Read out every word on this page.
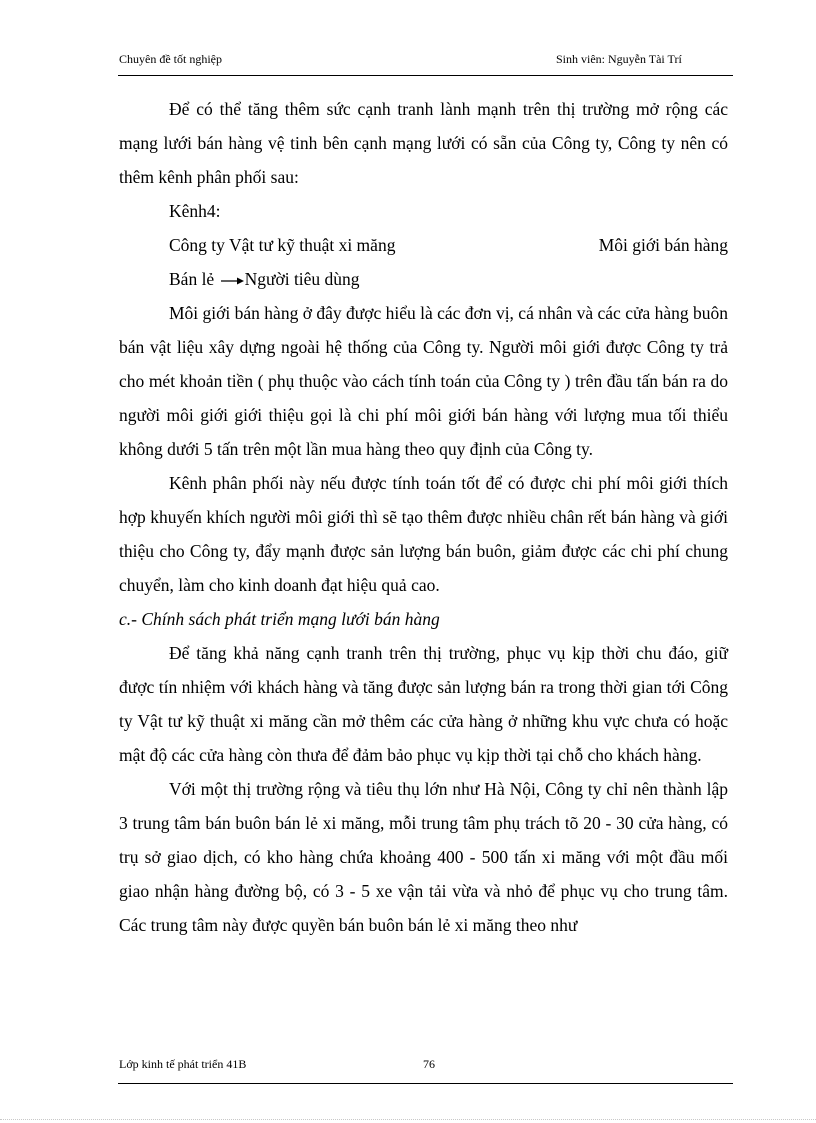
Chuyên đề tốt nghiệp	Sinh viên: Nguyễn Tài Trí

Để có thể tăng thêm sức cạnh tranh lành mạnh trên thị trường mở rộng các mạng lưới bán hàng vệ tinh bên cạnh mạng lưới có sẵn của Công ty, Công ty nên có thêm kênh phân phối sau:

Kênh4:

Công ty Vật tư kỹ thuật xi măng	Môi giới bán hàng

Bán lẻ Người tiêu dùng

Môi giới bán hàng ở đây được hiểu là các đơn vị, cá nhân và các cửa hàng buôn bán vật liệu xây dựng ngoài hệ thống của Công ty. Người môi giới được Công ty trả cho mét khoản tiền ( phụ thuộc vào cách tính toán của Công ty ) trên đầu tấn bán ra do người môi giới giới thiệu gọi là chi phí môi giới bán hàng với lượng mua tối thiểu không dưới 5 tấn trên một lần mua hàng theo quy định của Công ty.

Kênh phân phối này nếu được tính toán tốt để có được chi phí môi giới thích hợp khuyến khích người môi giới thì sẽ tạo thêm được nhiều chân rết bán hàng và giới thiệu cho Công ty, đẩy mạnh được sản lượng bán buôn, giảm được các chi phí chung chuyển, làm cho kinh doanh đạt hiệu quả cao.

c.- Chính sách phát triển mạng lưới bán hàng

Để tăng khả năng cạnh tranh trên thị trường, phục vụ kịp thời chu đáo, giữ được tín nhiệm với khách hàng và tăng được sản lượng bán ra trong thời gian tới Công ty Vật tư kỹ thuật xi măng cần mở thêm các cửa hàng ở những khu vực chưa có hoặc mật độ các cửa hàng còn thưa để đảm bảo phục vụ kịp thời tại chỗ cho khách hàng.

Với một thị trường rộng và tiêu thụ lớn như Hà Nội, Công ty chỉ nên thành lập 3 trung tâm bán buôn bán lẻ xi măng, mỗi trung tâm phụ trách tõ 20 - 30 cửa hàng, có trụ sở giao dịch, có kho hàng chứa khoảng 400 - 500 tấn xi măng với một đầu mối giao nhận hàng đường bộ, có 3 - 5 xe vận tải vừa và nhỏ để phục vụ cho trung tâm. Các trung tâm này được quyền bán buôn bán lẻ xi măng theo như

Lớp kinh tế phát triển 41B	76
